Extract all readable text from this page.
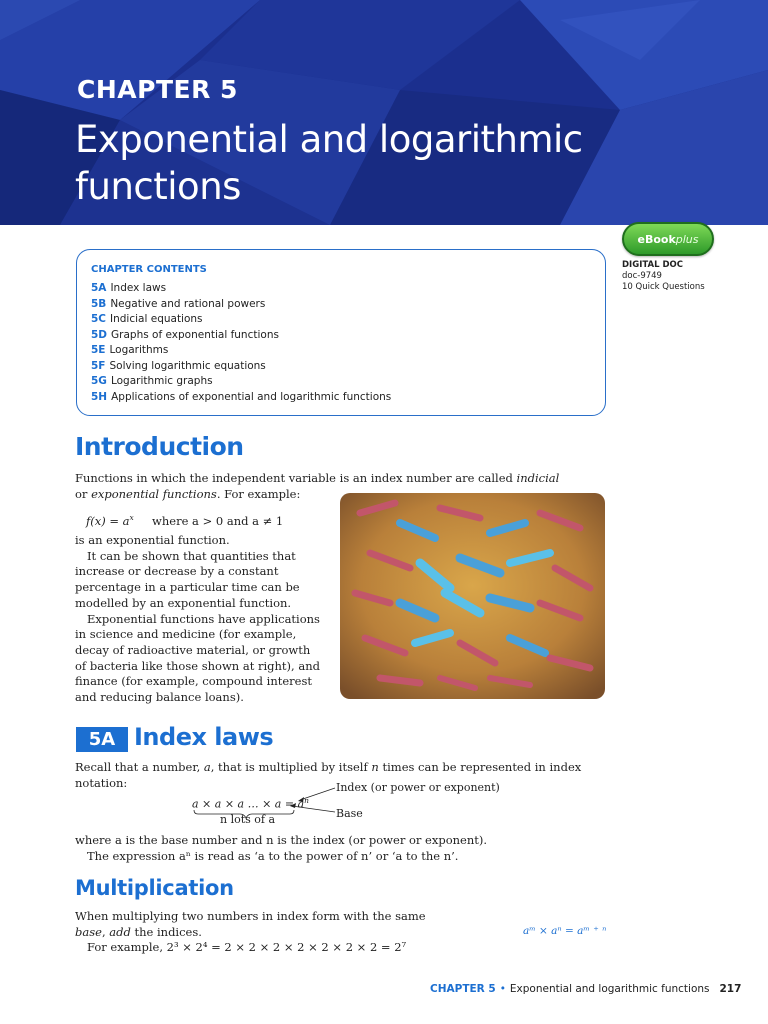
CHAPTER 5
Exponential and logarithmic functions
eBook plus
DIGITAL DOC
doc-9749
10 Quick Questions
CHAPTER CONTENTS
5A Index laws
5B Negative and rational powers
5C Indicial equations
5D Graphs of exponential functions
5E Logarithms
5F Solving logarithmic equations
5G Logarithmic graphs
5H Applications of exponential and logarithmic functions
Introduction
Functions in which the independent variable is an index number are called indicial or exponential functions. For example:
$f(x) = a^x$ where a > 0 and a ≠ 1
is an exponential function.
It can be shown that quantities that increase or decrease by a constant percentage in a particular time can be modelled by an exponential function.
Exponential functions have applications in science and medicine (for example, decay of radioactive material, or growth of bacteria like those shown at right), and finance (for example, compound interest and reducing balance loans).
5A Index laws
Recall that a number, a, that is multiplied by itself n times can be represented in index notation:
a × a × a … × $a = a^n$
n lots of a
Index (or power or exponent)
Base
where a is the base number and n is the index (or power or exponent).
The expression aⁿ is read as ‘a to the power of n’ or ‘a to the n’.
Multiplication
When multiplying two numbers in index form with the same base, add the indices.
For example, 2³ × 2⁴ = 2 × 2 × 2 × 2 × 2 × 2 × 2 = 2⁷
aᵐ × aⁿ = aᵐ ⁺ ⁿ
CHAPTER 5 • Exponential and logarithmic functions 217
